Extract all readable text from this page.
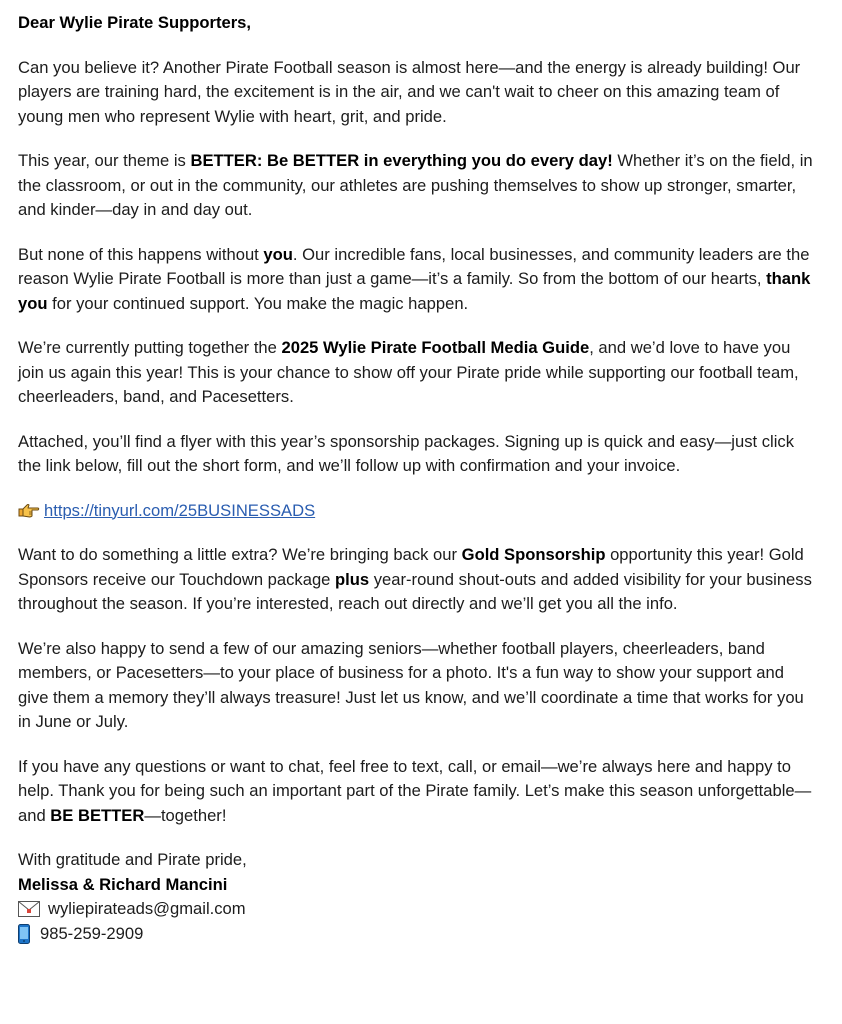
Dear Wylie Pirate Supporters,

Can you believe it? Another Pirate Football season is almost here—and the energy is already building! Our players are training hard, the excitement is in the air, and we can't wait to cheer on this amazing team of young men who represent Wylie with heart, grit, and pride.

This year, our theme is BETTER: Be BETTER in everything you do every day! Whether it’s on the field, in the classroom, or out in the community, our athletes are pushing themselves to show up stronger, smarter, and kinder—day in and day out.

But none of this happens without you. Our incredible fans, local businesses, and community leaders are the reason Wylie Pirate Football is more than just a game—it’s a family. So from the bottom of our hearts, thank you for your continued support. You make the magic happen.

We’re currently putting together the 2025 Wylie Pirate Football Media Guide, and we’d love to have you join us again this year! This is your chance to show off your Pirate pride while supporting our football team, cheerleaders, band, and Pacesetters.

Attached, you’ll find a flyer with this year’s sponsorship packages. Signing up is quick and easy—just click the link below, fill out the short form, and we’ll follow up with confirmation and your invoice.

https://tinyurl.com/25BUSINESSADS

Want to do something a little extra? We’re bringing back our Gold Sponsorship opportunity this year! Gold Sponsors receive our Touchdown package plus year-round shout-outs and added visibility for your business throughout the season. If you’re interested, reach out directly and we’ll get you all the info.

We’re also happy to send a few of our amazing seniors—whether football players, cheerleaders, band members, or Pacesetters—to your place of business for a photo. It's a fun way to show your support and give them a memory they’ll always treasure! Just let us know, and we’ll coordinate a time that works for you in June or July.

If you have any questions or want to chat, feel free to text, call, or email—we’re always here and happy to help. Thank you for being such an important part of the Pirate family. Let’s make this season unforgettable—and BE BETTER—together!

With gratitude and Pirate pride,

Melissa & Richard Mancini

wyliepirateads@gmail.com

985-259-2909
